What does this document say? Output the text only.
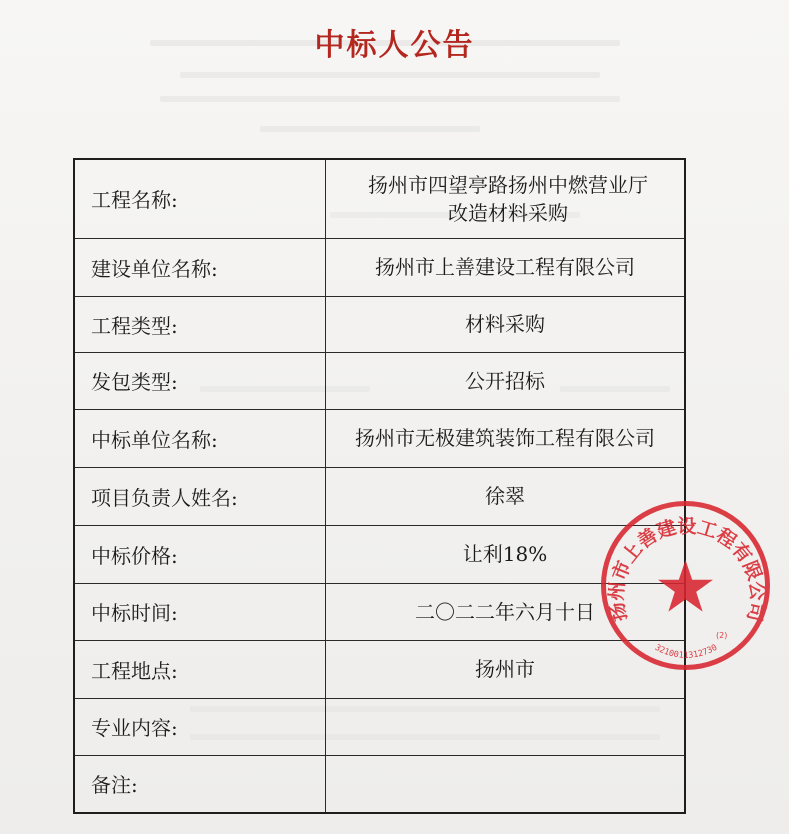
中标人公告
工程名称:	扬州市四望亭路扬州中燃营业厅改造材料采购
建设单位名称:	扬州市上善建设工程有限公司
工程类型:	材料采购
发包类型:	公开招标
中标单位名称:	扬州市无极建筑装饰工程有限公司
项目负责人姓名:	徐翠
中标价格:	让利18%
中标时间:	二〇二二年六月十日
工程地点:	扬州市
专业内容:	
备注:	
扬州市上善建设工程有限公司
3210011312730
(2)
